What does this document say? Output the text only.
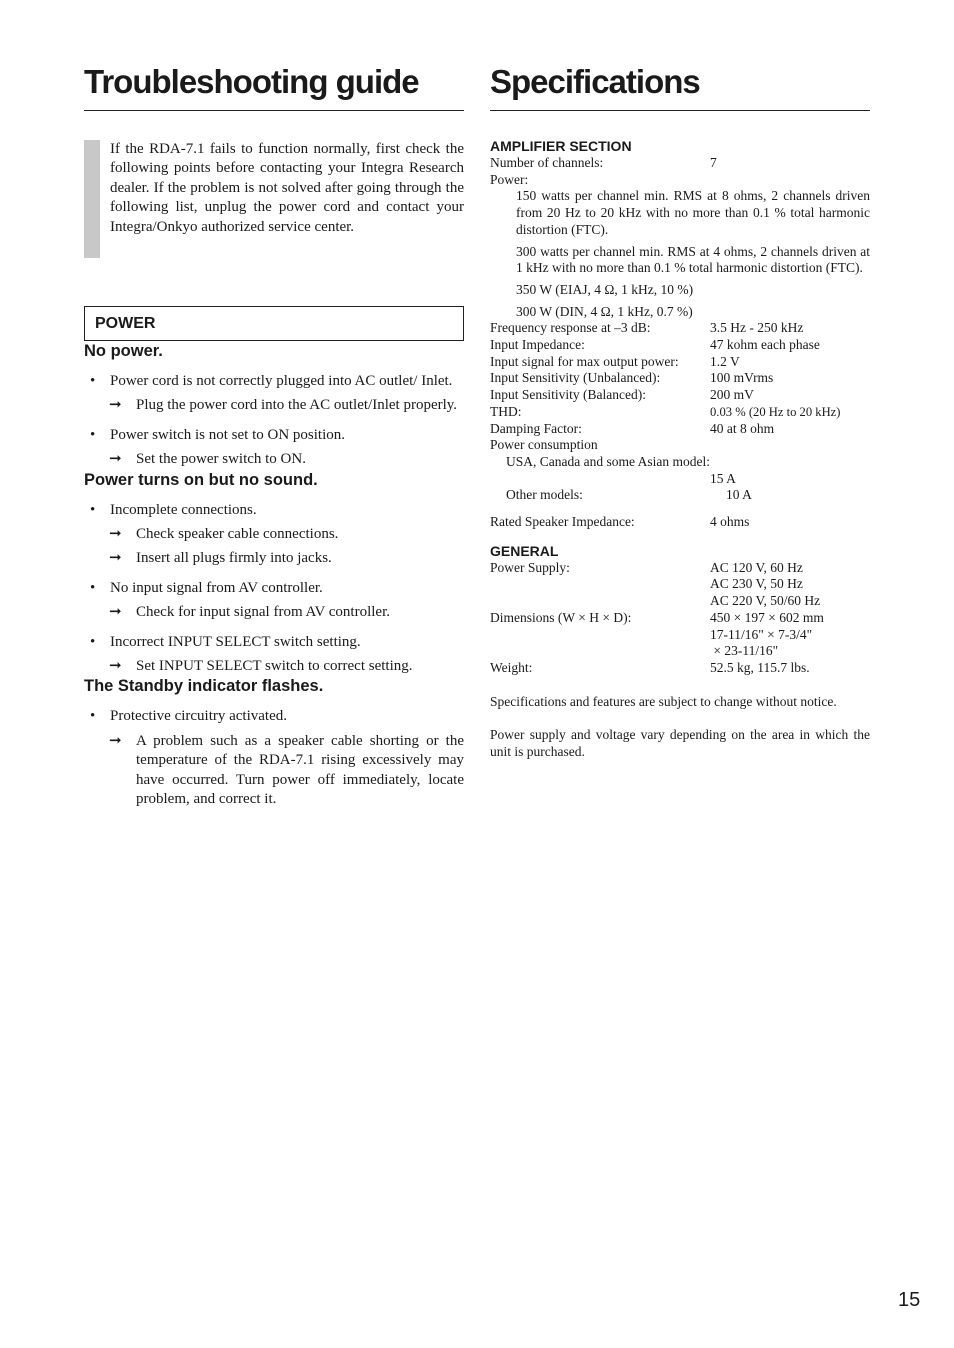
Troubleshooting guide

If the RDA-7.1 fails to function normally, first check the following points before contacting your Integra Research dealer. If the problem is not solved after going through the following list, unplug the power cord and contact your Integra/Onkyo authorized service center.

POWER
No power.
• Power cord is not correctly plugged into AC outlet/ Inlet.
➞ Plug the power cord into the AC outlet/Inlet properly.
• Power switch is not set to ON position.
➞ Set the power switch to ON.
Power turns on but no sound.
• Incomplete connections.
➞ Check speaker cable connections.
➞ Insert all plugs firmly into jacks.
• No input signal from AV controller.
➞ Check for input signal from AV controller.
• Incorrect INPUT SELECT switch setting.
➞ Set INPUT SELECT switch to correct setting.
The Standby indicator flashes.
• Protective circuitry activated.
➞ A problem such as a speaker cable shorting or the temperature of the RDA-7.1 rising excessively may have occurred. Turn power off immediately, locate problem, and correct it.
Specifications

AMPLIFIER SECTION

Number of channels:	7
Power:
150 watts per channel min. RMS at 8 ohms, 2 channels driven from 20 Hz to 20 kHz with no more than 0.1 % total harmonic distortion (FTC).
300 watts per channel min. RMS at 4 ohms, 2 channels driven at 1 kHz with no more than 0.1 % total harmonic distortion (FTC).
350 W (EIAJ, 4 Ω, 1 kHz, 10 %)
300 W (DIN, 4 Ω, 1 kHz, 0.7 %)
Frequency response at –3 dB:	3.5 Hz - 250 kHz
Input Impedance:	47 kohm each phase
Input signal for max output power:	1.2 V
Input Sensitivity (Unbalanced):	100 mVrms
Input Sensitivity (Balanced):	200 mV
THD:	0.03 % (20 Hz to 20 kHz)
Damping Factor:	40 at 8 ohm
Power consumption
USA, Canada and some Asian model:
15 A
Other models:	10 A
Rated Speaker Impedance:	4 ohms

GENERAL

Power Supply:	AC 120 V, 60 Hz
AC 230 V, 50 Hz
AC 220 V, 50/60 Hz
Dimensions (W × H × D):	450 × 197 × 602 mm
17-11/16" × 7-3/4"
× 23-11/16"
Weight:	52.5 kg, 115.7 lbs.

Specifications and features are subject to change without notice.

Power supply and voltage vary depending on the area in which the unit is purchased.

15
